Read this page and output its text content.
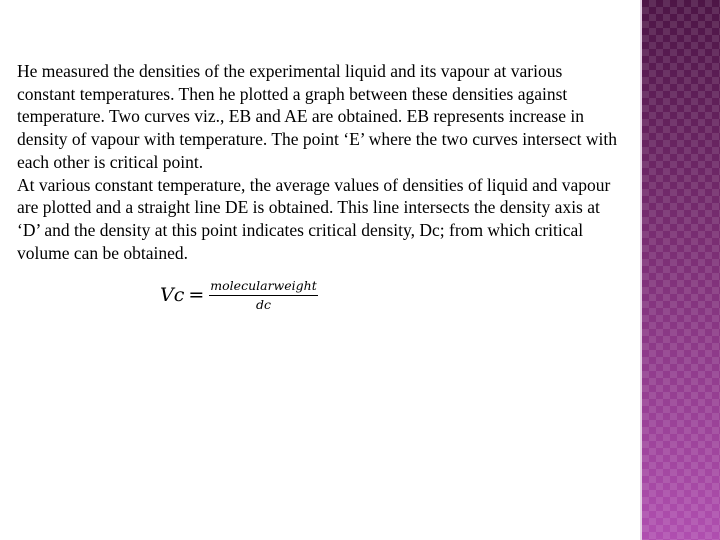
He measured the densities of the experimental liquid and its vapour at various constant temperatures. Then he plotted a graph between these densities against temperature. Two curves viz., EB and AE are obtained. EB represents increase in density of vapour with temperature. The point ‘E’ where the two curves intersect with each other is critical point.

At various constant temperature, the average values of densities of liquid and vapour are plotted and a straight line DE is obtained. This line intersects the density axis at ‘D’ and the density at this point indicates critical density, Dc; from which critical volume can be obtained.

$Vc = \frac{\text{molecularweight}}{dc}$
